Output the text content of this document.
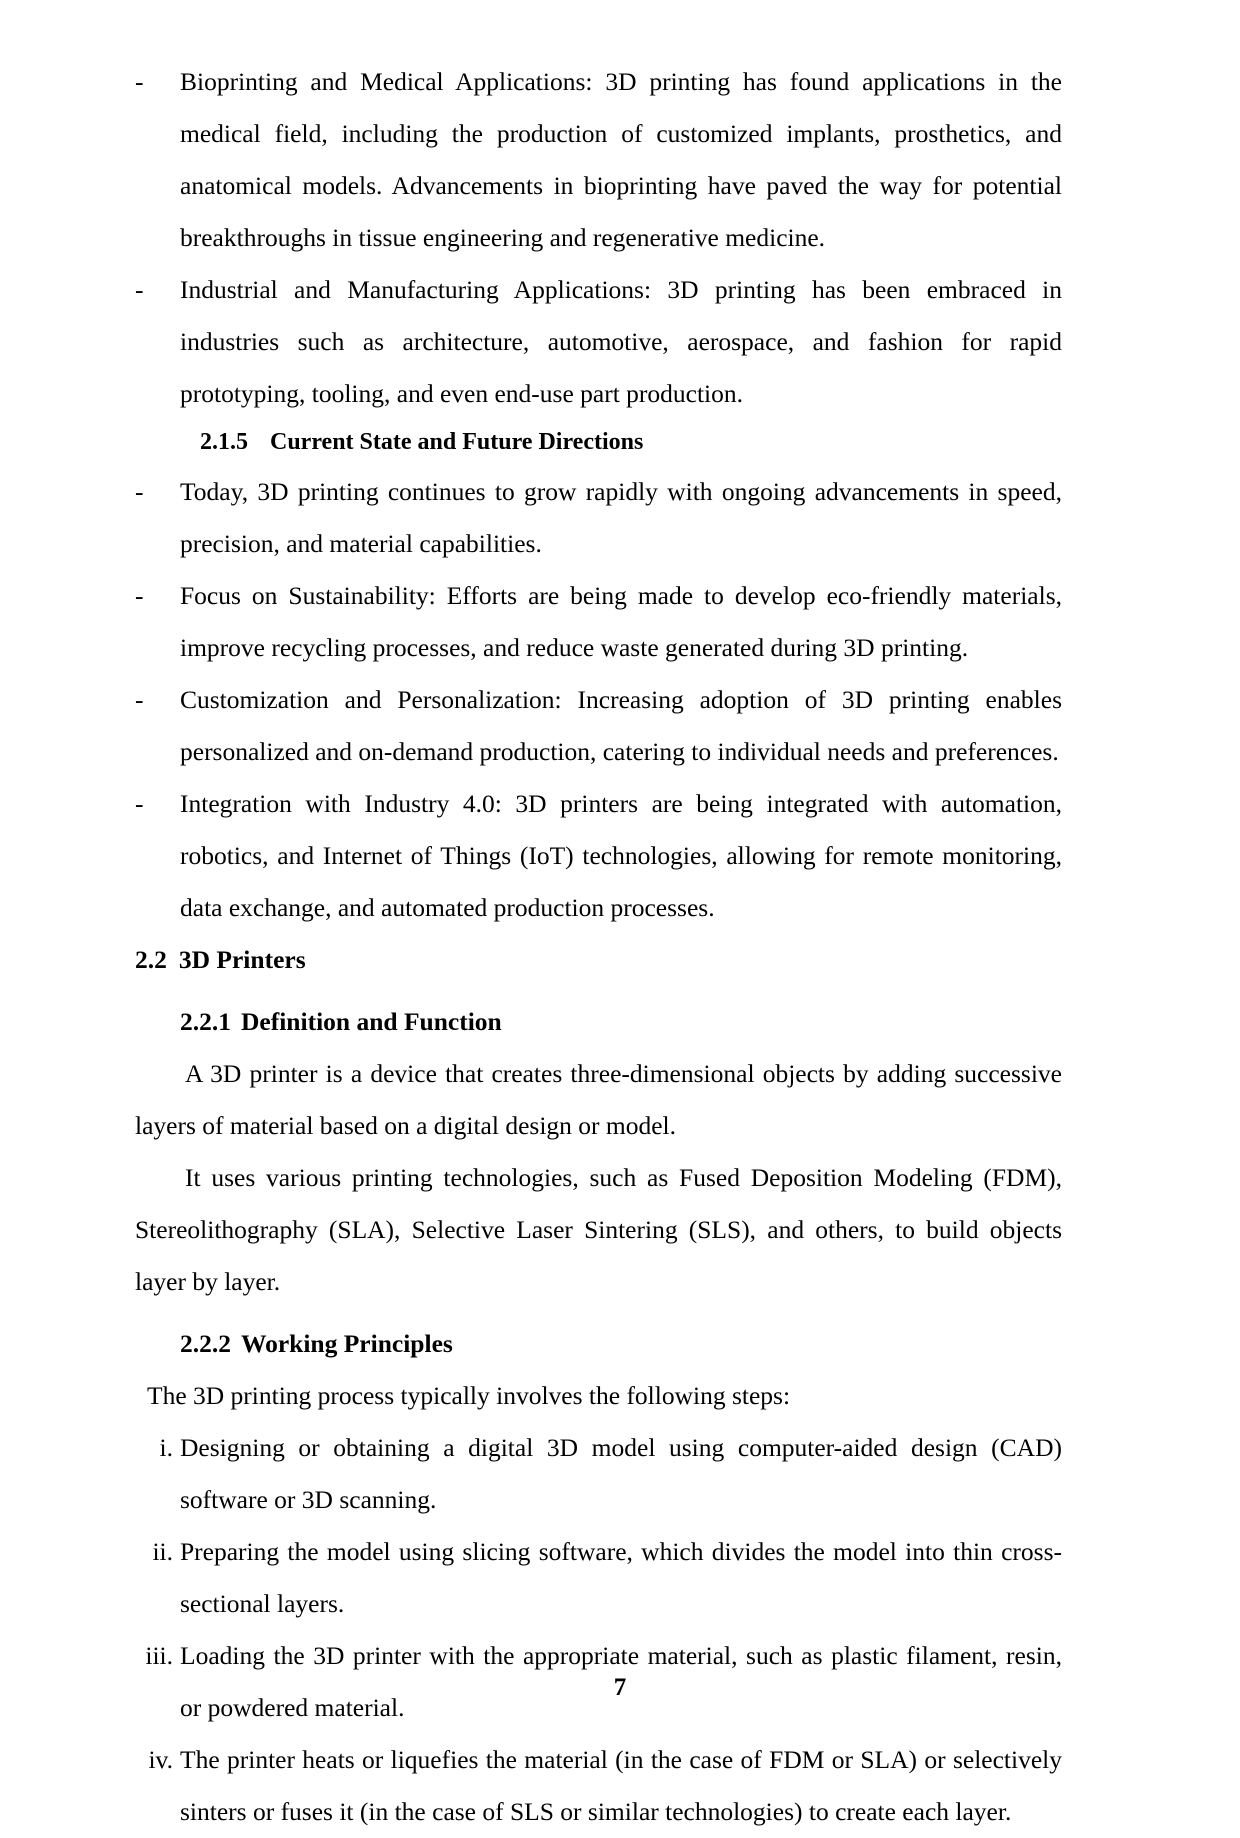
- Bioprinting and Medical Applications: 3D printing has found applications in the medical field, including the production of customized implants, prosthetics, and anatomical models. Advancements in bioprinting have paved the way for potential breakthroughs in tissue engineering and regenerative medicine.
- Industrial and Manufacturing Applications: 3D printing has been embraced in industries such as architecture, automotive, aerospace, and fashion for rapid prototyping, tooling, and even end-use part production.
2.1.5 Current State and Future Directions
- Today, 3D printing continues to grow rapidly with ongoing advancements in speed, precision, and material capabilities.
- Focus on Sustainability: Efforts are being made to develop eco-friendly materials, improve recycling processes, and reduce waste generated during 3D printing.
- Customization and Personalization: Increasing adoption of 3D printing enables personalized and on-demand production, catering to individual needs and preferences.
- Integration with Industry 4.0: 3D printers are being integrated with automation, robotics, and Internet of Things (IoT) technologies, allowing for remote monitoring, data exchange, and automated production processes.
2.2 3D Printers
2.2.1 Definition and Function

A 3D printer is a device that creates three-dimensional objects by adding successive layers of material based on a digital design or model.

It uses various printing technologies, such as Fused Deposition Modeling (FDM), Stereolithography (SLA), Selective Laser Sintering (SLS), and others, to build objects layer by layer.

2.2.2 Working Principles

The 3D printing process typically involves the following steps:

i. Designing or obtaining a digital 3D model using computer-aided design (CAD) software or 3D scanning.
ii. Preparing the model using slicing software, which divides the model into thin cross-sectional layers.
iii. Loading the 3D printer with the appropriate material, such as plastic filament, resin, or powdered material.
iv. The printer heats or liquefies the material (in the case of FDM or SLA) or selectively sinters or fuses it (in the case of SLS or similar technologies) to create each layer.
7
